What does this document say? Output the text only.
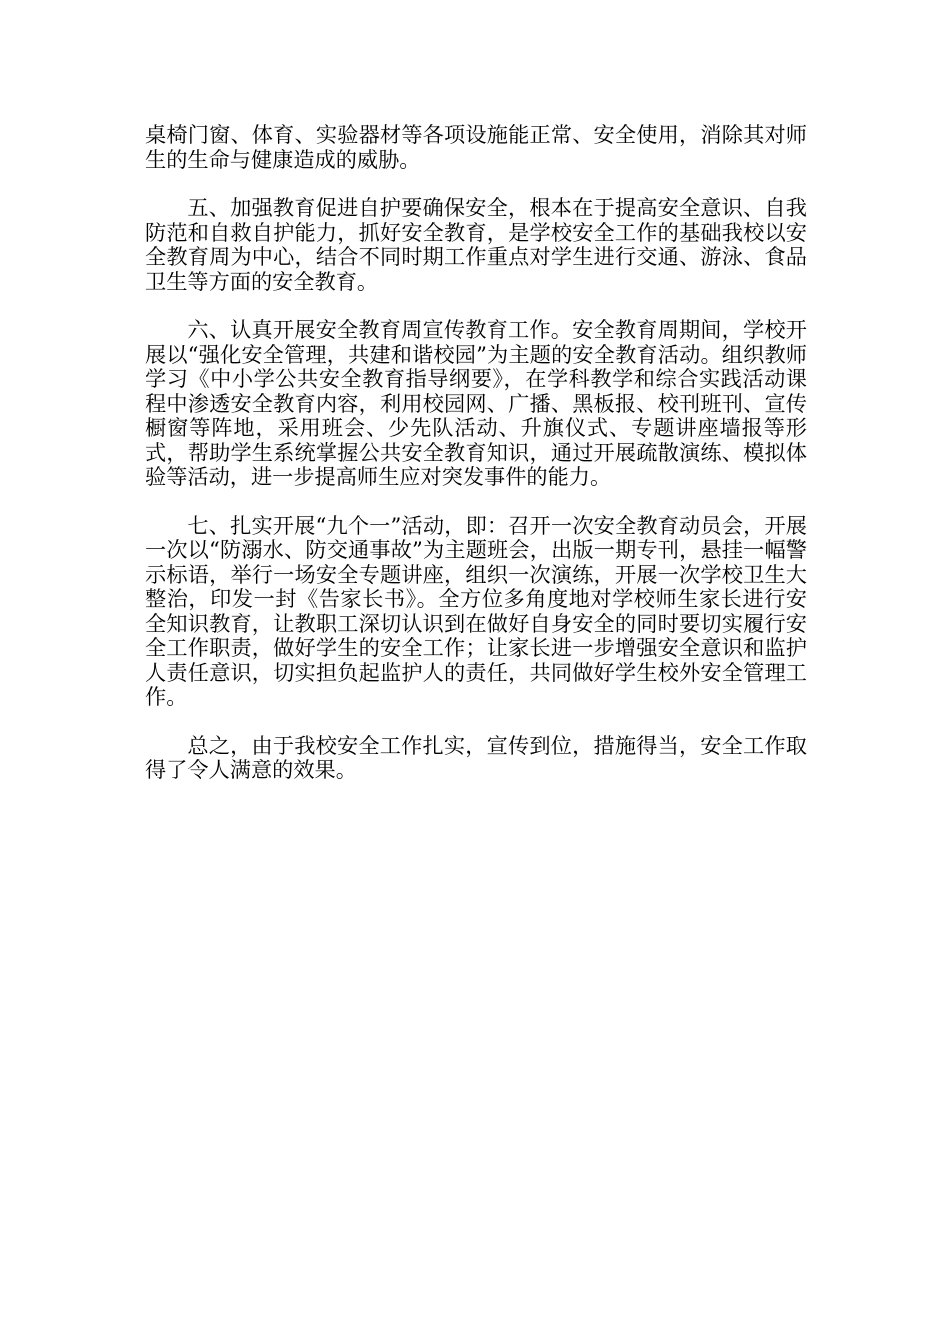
桌椅门窗、体育、实验器材等各项设施能正常、安全使用，消除其对师生的生命与健康造成的威胁。

五、加强教育促进自护要确保安全，根本在于提高安全意识、自我防范和自救自护能力，抓好安全教育，是学校安全工作的基础我校以安全教育周为中心，结合不同时期工作重点对学生进行交通、游泳、食品卫生等方面的安全教育。

六、认真开展安全教育周宣传教育工作。安全教育周期间，学校开展以“强化安全管理，共建和谐校园”为主题的安全教育活动。组织教师学习《中小学公共安全教育指导纲要》，在学科教学和综合实践活动课程中渗透安全教育内容，利用校园网、广播、黑板报、校刊班刊、宣传橱窗等阵地，采用班会、少先队活动、升旗仪式、专题讲座墙报等形式，帮助学生系统掌握公共安全教育知识，通过开展疏散演练、模拟体验等活动，进一步提高师生应对突发事件的能力。

七、扎实开展“九个一”活动，即：召开一次安全教育动员会，开展一次以“防溺水、防交通事故”为主题班会，出版一期专刊，悬挂一幅警示标语，举行一场安全专题讲座，组织一次演练，开展一次学校卫生大整治，印发一封《告家长书》。全方位多角度地对学校师生家长进行安全知识教育，让教职工深切认识到在做好自身安全的同时要切实履行安全工作职责，做好学生的安全工作；让家长进一步增强安全意识和监护人责任意识，切实担负起监护人的责任，共同做好学生校外安全管理工作。

总之，由于我校安全工作扎实，宣传到位，措施得当，安全工作取得了令人满意的效果。
